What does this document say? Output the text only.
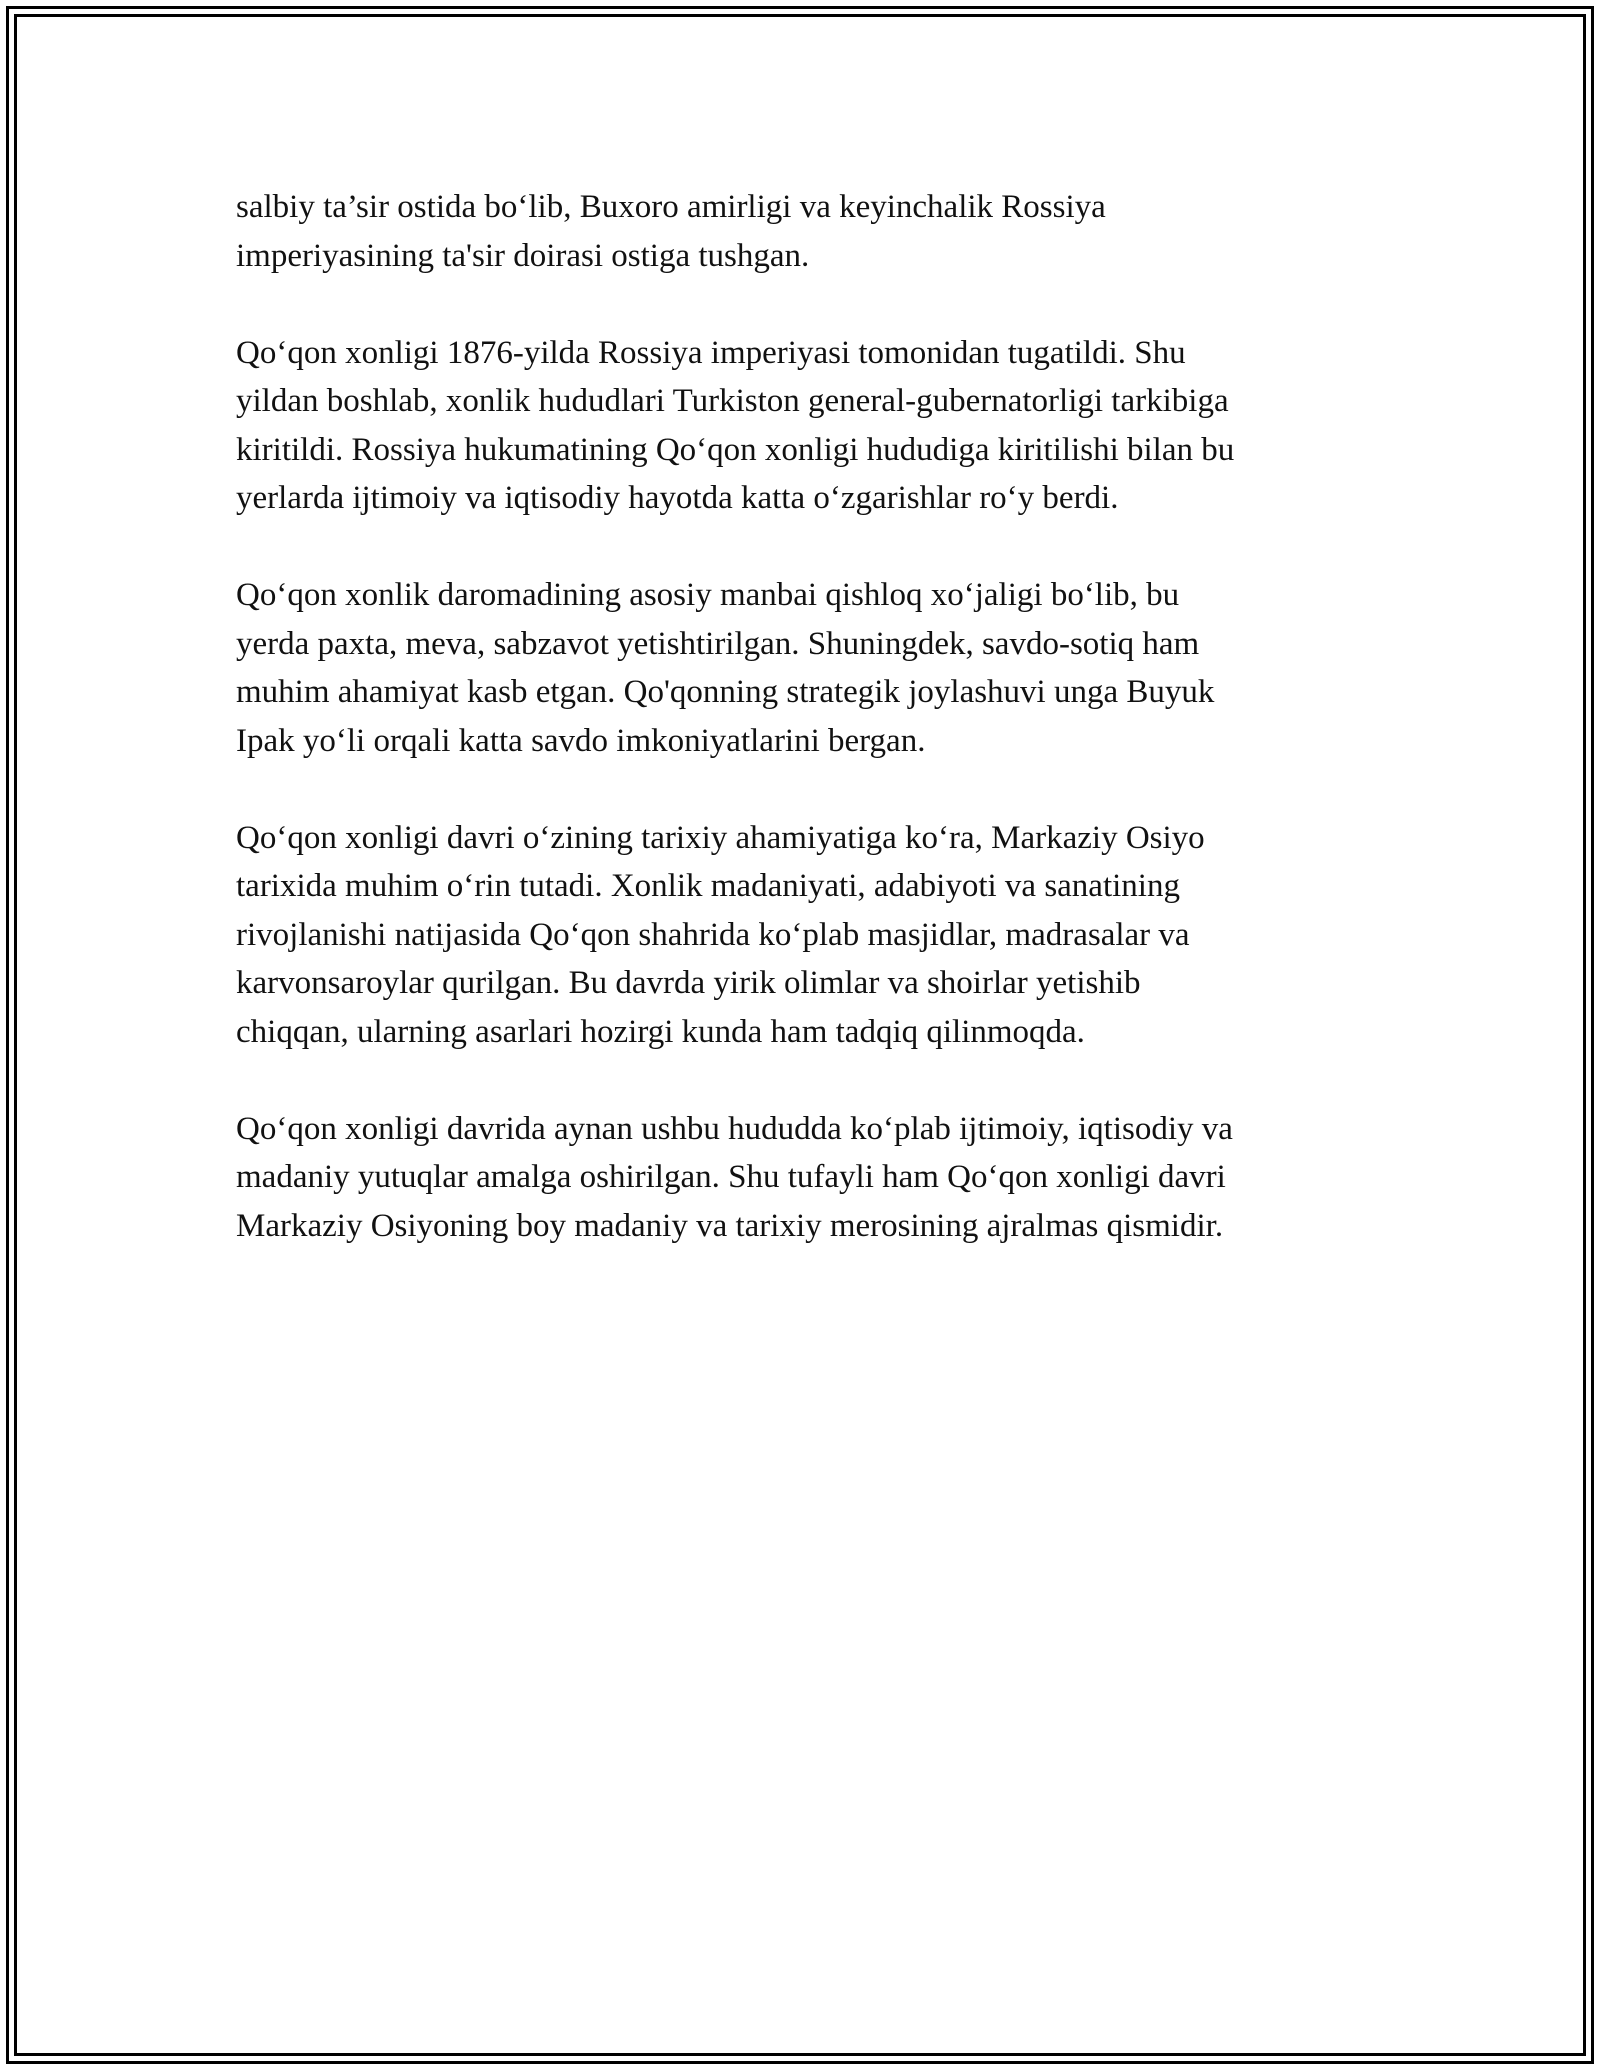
salbiy ta’sir ostida bo‘lib, Buxoro amirligi va keyinchalik Rossiya
imperiyasining ta'sir doirasi ostiga tushgan.

Qo‘qon xonligi 1876-yilda Rossiya imperiyasi tomonidan tugatildi. Shu
yildan boshlab, xonlik hududlari Turkiston general-gubernatorligi tarkibiga
kiritildi. Rossiya hukumatining Qo‘qon xonligi hududiga kiritilishi bilan bu
yerlarda ijtimoiy va iqtisodiy hayotda katta o‘zgarishlar ro‘y berdi.

Qo‘qon xonlik daromadining asosiy manbai qishloq xo‘jaligi bo‘lib, bu
yerda paxta, meva, sabzavot yetishtirilgan. Shuningdek, savdo-sotiq ham
muhim ahamiyat kasb etgan. Qo'qonning strategik joylashuvi unga Buyuk
Ipak yo‘li orqali katta savdo imkoniyatlarini bergan.

Qo‘qon xonligi davri o‘zining tarixiy ahamiyatiga ko‘ra, Markaziy Osiyo
tarixida muhim o‘rin tutadi. Xonlik madaniyati, adabiyoti va sanatining
rivojlanishi natijasida Qo‘qon shahrida ko‘plab masjidlar, madrasalar va
karvonsaroylar qurilgan. Bu davrda yirik olimlar va shoirlar yetishib
chiqqan, ularning asarlari hozirgi kunda ham tadqiq qilinmoqda.

Qo‘qon xonligi davrida aynan ushbu hududda ko‘plab ijtimoiy, iqtisodiy va
madaniy yutuqlar amalga oshirilgan. Shu tufayli ham Qo‘qon xonligi davri
Markaziy Osiyoning boy madaniy va tarixiy merosining ajralmas qismidir.
